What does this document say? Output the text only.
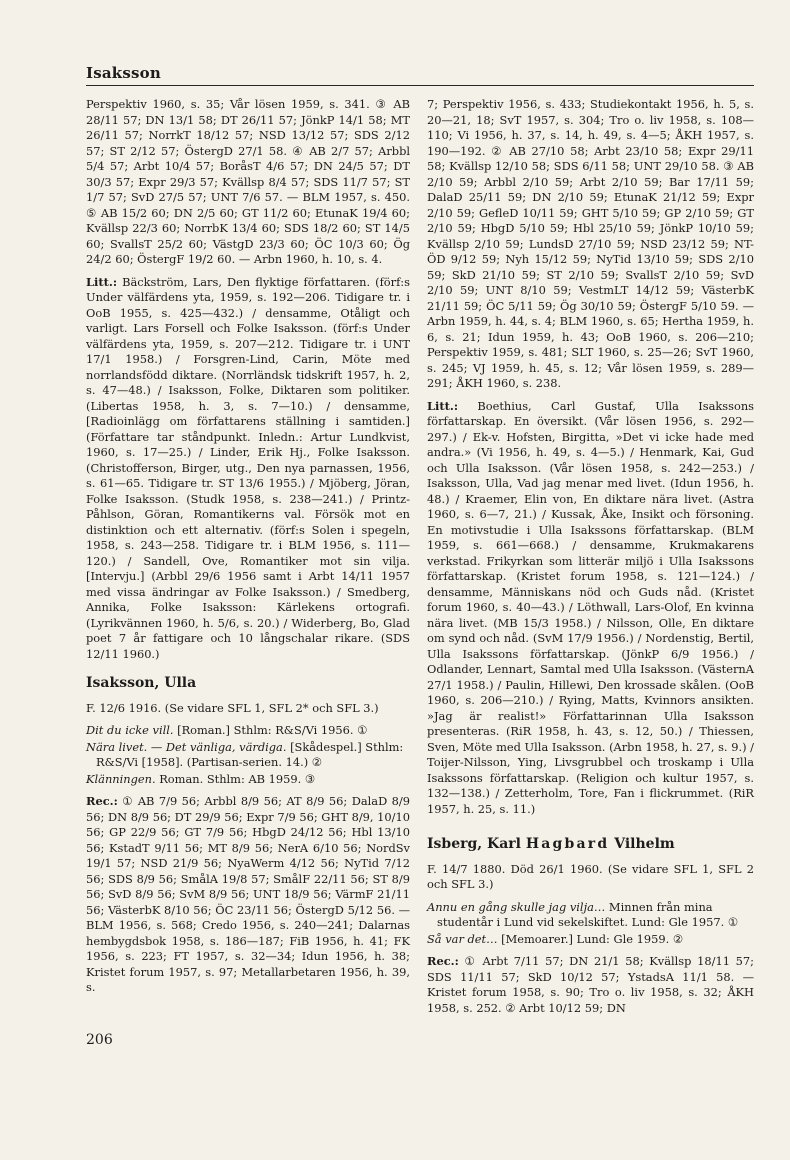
Isaksson

Perspektiv 1960, s. 35; Vår lösen 1959, s. 341. ③ AB 28/11 57; DN 13/1 58; DT 26/11 57; JönkP 14/1 58; MT 26/11 57; NorrkT 18/12 57; NSD 13/12 57; SDS 2/12 57; ST 2/12 57; ÖstergD 27/1 58. ④ AB 2/7 57; Arbbl 5/4 57; Arbt 10/4 57; BoråsT 4/6 57; DN 24/5 57; DT 30/3 57; Expr 29/3 57; Kvällsp 8/4 57; SDS 11/7 57; ST 1/7 57; SvD 27/5 57; UNT 7/6 57. — BLM 1957, s. 450. ⑤ AB 15/2 60; DN 2/5 60; GT 11/2 60; EtunaK 19/4 60; Kvällsp 22/3 60; NorrbK 13/4 60; SDS 18/2 60; ST 14/5 60; SvallsT 25/2 60; VästgD 23/3 60; ÖC 10/3 60; Ög 24/2 60; ÖstergF 19/2 60. — Arbn 1960, h. 10, s. 4.

Litt.: Bäckström, Lars, Den flyktige författaren. (förf:s Under välfärdens yta, 1959, s. 192—206. Tidigare tr. i OoB 1955, s. 425—432.) / densamme, Otåligt och varligt. Lars Forsell och Folke Isaksson. (förf:s Under välfärdens yta, 1959, s. 207—212. Tidigare tr. i UNT 17/1 1958.) / Forsgren-Lind, Carin, Möte med norrlandsfödd diktare. (Norrländsk tidskrift 1957, h. 2, s. 47—48.) / Isaksson, Folke, Diktaren som politiker. (Libertas 1958, h. 3, s. 7—10.) / densamme, [Radioinlägg om författarens ställning i samtiden.] (Författare tar ståndpunkt. Inledn.: Artur Lundkvist, 1960, s. 17—25.) / Linder, Erik Hj., Folke Isaksson. (Christofferson, Birger, utg., Den nya parnassen, 1956, s. 61—65. Tidigare tr. ST 13/6 1955.) / Mjöberg, Jöran, Folke Isaksson. (Studk 1958, s. 238—241.) / Printz-Påhlson, Göran, Romantikerns val. Försök mot en distinktion och ett alternativ. (förf:s Solen i spegeln, 1958, s. 243—258. Tidigare tr. i BLM 1956, s. 111—120.) / Sandell, Ove, Romantiker mot sin vilja. [Intervju.] (Arbbl 29/6 1956 samt i Arbt 14/11 1957 med vissa ändringar av Folke Isaksson.) / Smedberg, Annika, Folke Isaksson: Kärlekens ortografi. (Lyrikvännen 1960, h. 5/6, s. 20.) / Widerberg, Bo, Glad poet 7 år fattigare och 10 långschalar rikare. (SDS 12/11 1960.)

Isaksson, Ulla

F. 12/6 1916. (Se vidare SFL 1, SFL 2* och SFL 3.)

Dit du icke vill. [Roman.] Sthlm: R&S/Vi 1956. ①

Nära livet. — Det vänliga, värdiga. [Skådespel.] Sthlm: R&S/Vi [1958]. (Partisan-serien. 14.) ②

Klänningen. Roman. Sthlm: AB 1959. ③

Rec.: ① AB 7/9 56; Arbbl 8/9 56; AT 8/9 56; DalaD 8/9 56; DN 8/9 56; DT 29/9 56; Expr 7/9 56; GHT 8/9, 10/10 56; GP 22/9 56; GT 7/9 56; HbgD 24/12 56; Hbl 13/10 56; KstadT 9/11 56; MT 8/9 56; NerA 6/10 56; NordSv 19/1 57; NSD 21/9 56; NyaWerm 4/12 56; NyTid 7/12 56; SDS 8/9 56; SmålA 19/8 57; SmålF 22/11 56; ST 8/9 56; SvD 8/9 56; SvM 8/9 56; UNT 18/9 56; VärmF 21/11 56; VästerbK 8/10 56; ÖC 23/11 56; ÖstergD 5/12 56. — BLM 1956, s. 568; Credo 1956, s. 240—241; Dalarnas hembygdsbok 1958, s. 186—187; FiB 1956, h. 41; FK 1956, s. 223; FT 1957, s. 32—34; Idun 1956, h. 38; Kristet forum 1957, s. 97; Metallarbetaren 1956, h. 39, s.

7; Perspektiv 1956, s. 433; Studiekontakt 1956, h. 5, s. 20—21, 18; SvT 1957, s. 304; Tro o. liv 1958, s. 108—110; Vi 1956, h. 37, s. 14, h. 49, s. 4—5; ÅKH 1957, s. 190—192. ② AB 27/10 58; Arbt 23/10 58; Expr 29/11 58; Kvällsp 12/10 58; SDS 6/11 58; UNT 29/10 58. ③ AB 2/10 59; Arbbl 2/10 59; Arbt 2/10 59; Bar 17/11 59; DalaD 25/11 59; DN 2/10 59; EtunaK 21/12 59; Expr 2/10 59; GefleD 10/11 59; GHT 5/10 59; GP 2/10 59; GT 2/10 59; HbgD 5/10 59; Hbl 25/10 59; JönkP 10/10 59; Kvällsp 2/10 59; LundsD 27/10 59; NSD 23/12 59; NT-ÖD 9/12 59; Nyh 15/12 59; NyTid 13/10 59; SDS 2/10 59; SkD 21/10 59; ST 2/10 59; SvallsT 2/10 59; SvD 2/10 59; UNT 8/10 59; VestmLT 14/12 59; VästerbK 21/11 59; ÖC 5/11 59; Ög 30/10 59; ÖstergF 5/10 59. — Arbn 1959, h. 44, s. 4; BLM 1960, s. 65; Hertha 1959, h. 6, s. 21; Idun 1959, h. 43; OoB 1960, s. 206—210; Perspektiv 1959, s. 481; SLT 1960, s. 25—26; SvT 1960, s. 245; VJ 1959, h. 45, s. 12; Vår lösen 1959, s. 289—291; ÅKH 1960, s. 238.

Litt.: Boethius, Carl Gustaf, Ulla Isakssons författarskap. En översikt. (Vår lösen 1956, s. 292—297.) / Ek-v. Hofsten, Birgitta, »Det vi icke hade med andra.» (Vi 1956, h. 49, s. 4—5.) / Henmark, Kai, Gud och Ulla Isaksson. (Vår lösen 1958, s. 242—253.) / Isaksson, Ulla, Vad jag menar med livet. (Idun 1956, h. 48.) / Kraemer, Elin von, En diktare nära livet. (Astra 1960, s. 6—7, 21.) / Kussak, Åke, Insikt och försoning. En motivstudie i Ulla Isakssons författarskap. (BLM 1959, s. 661—668.) / densamme, Krukmakarens verkstad. Frikyrkan som litterär miljö i Ulla Isakssons författarskap. (Kristet forum 1958, s. 121—124.) / densamme, Människans nöd och Guds nåd. (Kristet forum 1960, s. 40—43.) / Löthwall, Lars-Olof, En kvinna nära livet. (MB 15/3 1958.) / Nilsson, Olle, En diktare om synd och nåd. (SvM 17/9 1956.) / Nordenstig, Bertil, Ulla Isakssons författarskap. (JönkP 6/9 1956.) / Odlander, Lennart, Samtal med Ulla Isaksson. (VästernA 27/1 1958.) / Paulin, Hillewi, Den krossade skålen. (OoB 1960, s. 206—210.) / Rying, Matts, Kvinnors ansikten. »Jag är realist!» Författarinnan Ulla Isaksson presenteras. (RiR 1958, h. 43, s. 12, 50.) / Thiessen, Sven, Möte med Ulla Isaksson. (Arbn 1958, h. 27, s. 9.) / Toijer-Nilsson, Ying, Livsgrubbel och troskamp i Ulla Isakssons författarskap. (Religion och kultur 1957, s. 132—138.) / Zetterholm, Tore, Fan i flickrummet. (RiR 1957, h. 25, s. 11.)

Isberg, Karl Hagbard Vilhelm

F. 14/7 1880. Död 26/1 1960. (Se vidare SFL 1, SFL 2 och SFL 3.)

Annu en gång skulle jag vilja… Minnen från mina studentår i Lund vid sekelskiftet. Lund: Gle 1957. ①

Så var det… [Memoarer.] Lund: Gle 1959. ②

Rec.: ① Arbt 7/11 57; DN 21/1 58; Kvällsp 18/11 57; SDS 11/11 57; SkD 10/12 57; YstadsA 11/1 58. — Kristet forum 1958, s. 90; Tro o. liv 1958, s. 32; ÅKH 1958, s. 252. ② Arbt 10/12 59; DN

206
